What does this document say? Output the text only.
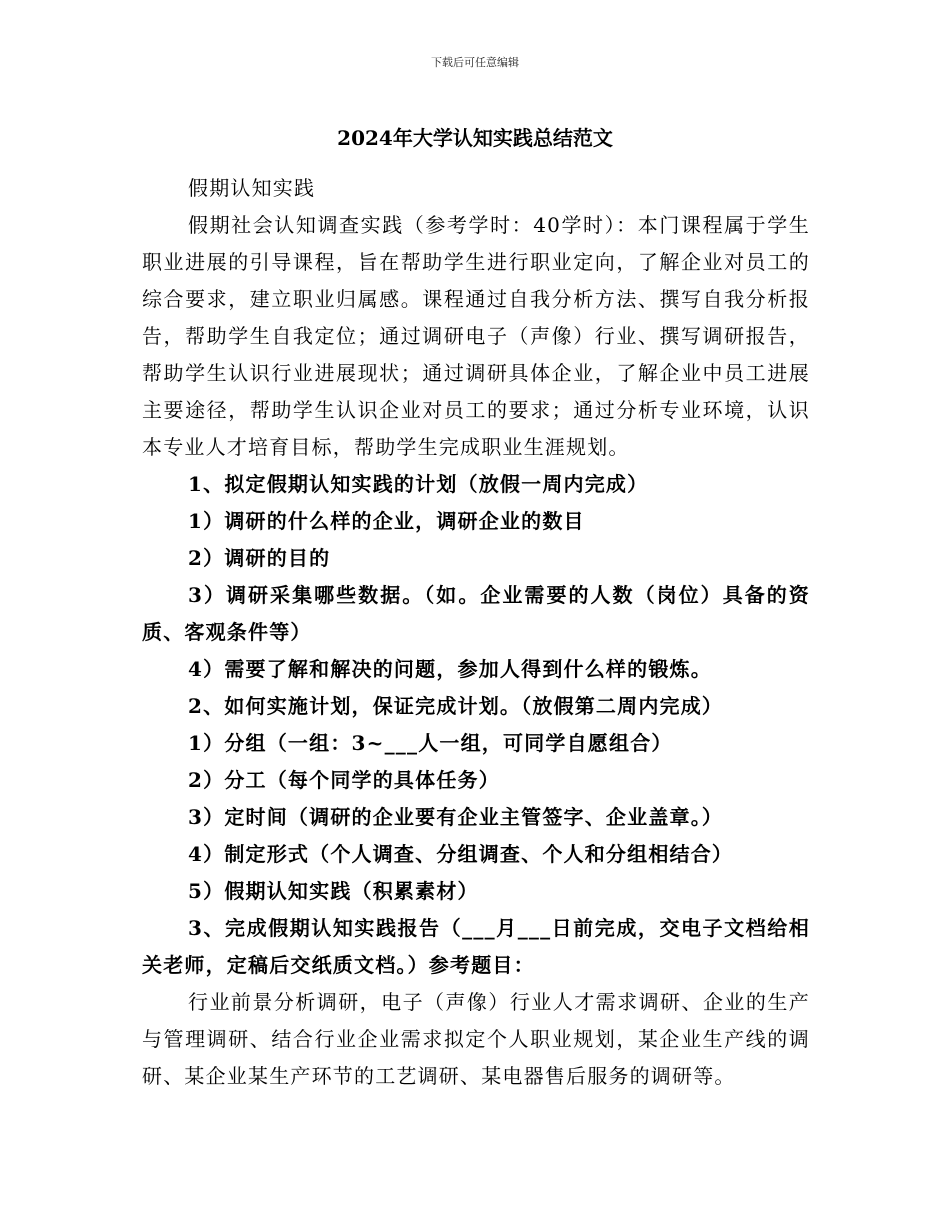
下载后可任意编辑
2024年大学认知实践总结范文

假期认知实践

假期社会认知调查实践（参考学时：40学时）：本门课程属于学生职业进展的引导课程，旨在帮助学生进行职业定向，了解企业对员工的综合要求，建立职业归属感。课程通过自我分析方法、撰写自我分析报告，帮助学生自我定位；通过调研电子（声像）行业、撰写调研报告，帮助学生认识行业进展现状；通过调研具体企业，了解企业中员工进展主要途径，帮助学生认识企业对员工的要求；通过分析专业环境，认识本专业人才培育目标，帮助学生完成职业生涯规划。

1、拟定假期认知实践的计划（放假一周内完成）

1）调研的什么样的企业，调研企业的数目

2）调研的目的

3）调研采集哪些数据。（如。企业需要的人数（岗位）具备的资质、客观条件等）

4）需要了解和解决的问题，参加人得到什么样的锻炼。

2、如何实施计划，保证完成计划。（放假第二周内完成）

1）分组（一组：3~___人一组，可同学自愿组合）

2）分工（每个同学的具体任务）

3）定时间（调研的企业要有企业主管签字、企业盖章。）

4）制定形式（个人调查、分组调查、个人和分组相结合）

5）假期认知实践（积累素材）

3、完成假期认知实践报告（___月___日前完成，交电子文档给相关老师，定稿后交纸质文档。）参考题目：

行业前景分析调研，电子（声像）行业人才需求调研、企业的生产与管理调研、结合行业企业需求拟定个人职业规划，某企业生产线的调研、某企业某生产环节的工艺调研、某电器售后服务的调研等。
